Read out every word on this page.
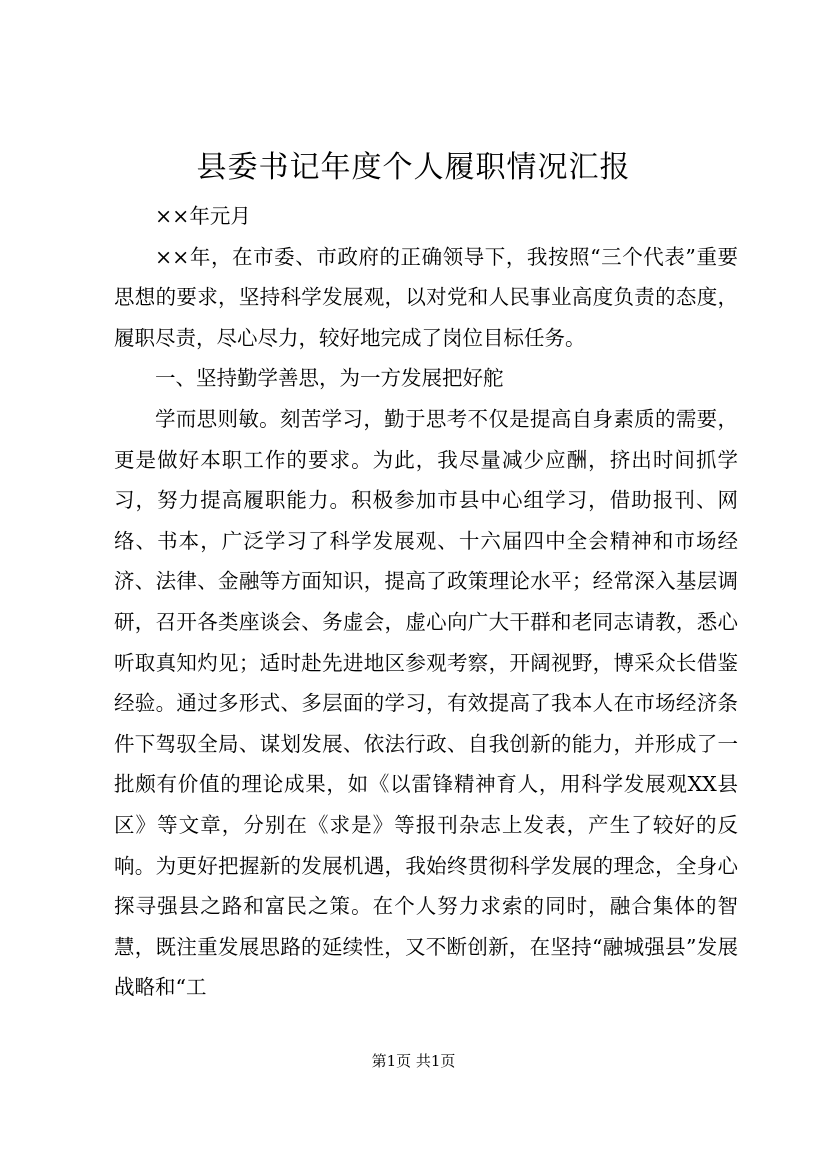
县委书记年度个人履职情况汇报

××年元月

××年，在市委、市政府的正确领导下，我按照“三个代表”重要思想的要求，坚持科学发展观，以对党和人民事业高度负责的态度，履职尽责，尽心尽力，较好地完成了岗位目标任务。

一、坚持勤学善思，为一方发展把好舵

学而思则敏。刻苦学习，勤于思考不仅是提高自身素质的需要，更是做好本职工作的要求。为此，我尽量减少应酬，挤出时间抓学习，努力提高履职能力。积极参加市县中心组学习，借助报刊、网络、书本，广泛学习了科学发展观、十六届四中全会精神和市场经济、法律、金融等方面知识，提高了政策理论水平；经常深入基层调研，召开各类座谈会、务虚会，虚心向广大干群和老同志请教，悉心听取真知灼见；适时赴先进地区参观考察，开阔视野，博采众长借鉴经验。通过多形式、多层面的学习，有效提高了我本人在市场经济条件下驾驭全局、谋划发展、依法行政、自我创新的能力，并形成了一批颇有价值的理论成果，如《以雷锋精神育人，用科学发展观XX县区》等文章，分别在《求是》等报刊杂志上发表，产生了较好的反响。为更好把握新的发展机遇，我始终贯彻科学发展的理念，全身心探寻强县之路和富民之策。在个人努力求索的同时，融合集体的智慧，既注重发展思路的延续性，又不断创新，在坚持“融城强县”发展战略和“工

第1页 共1页
